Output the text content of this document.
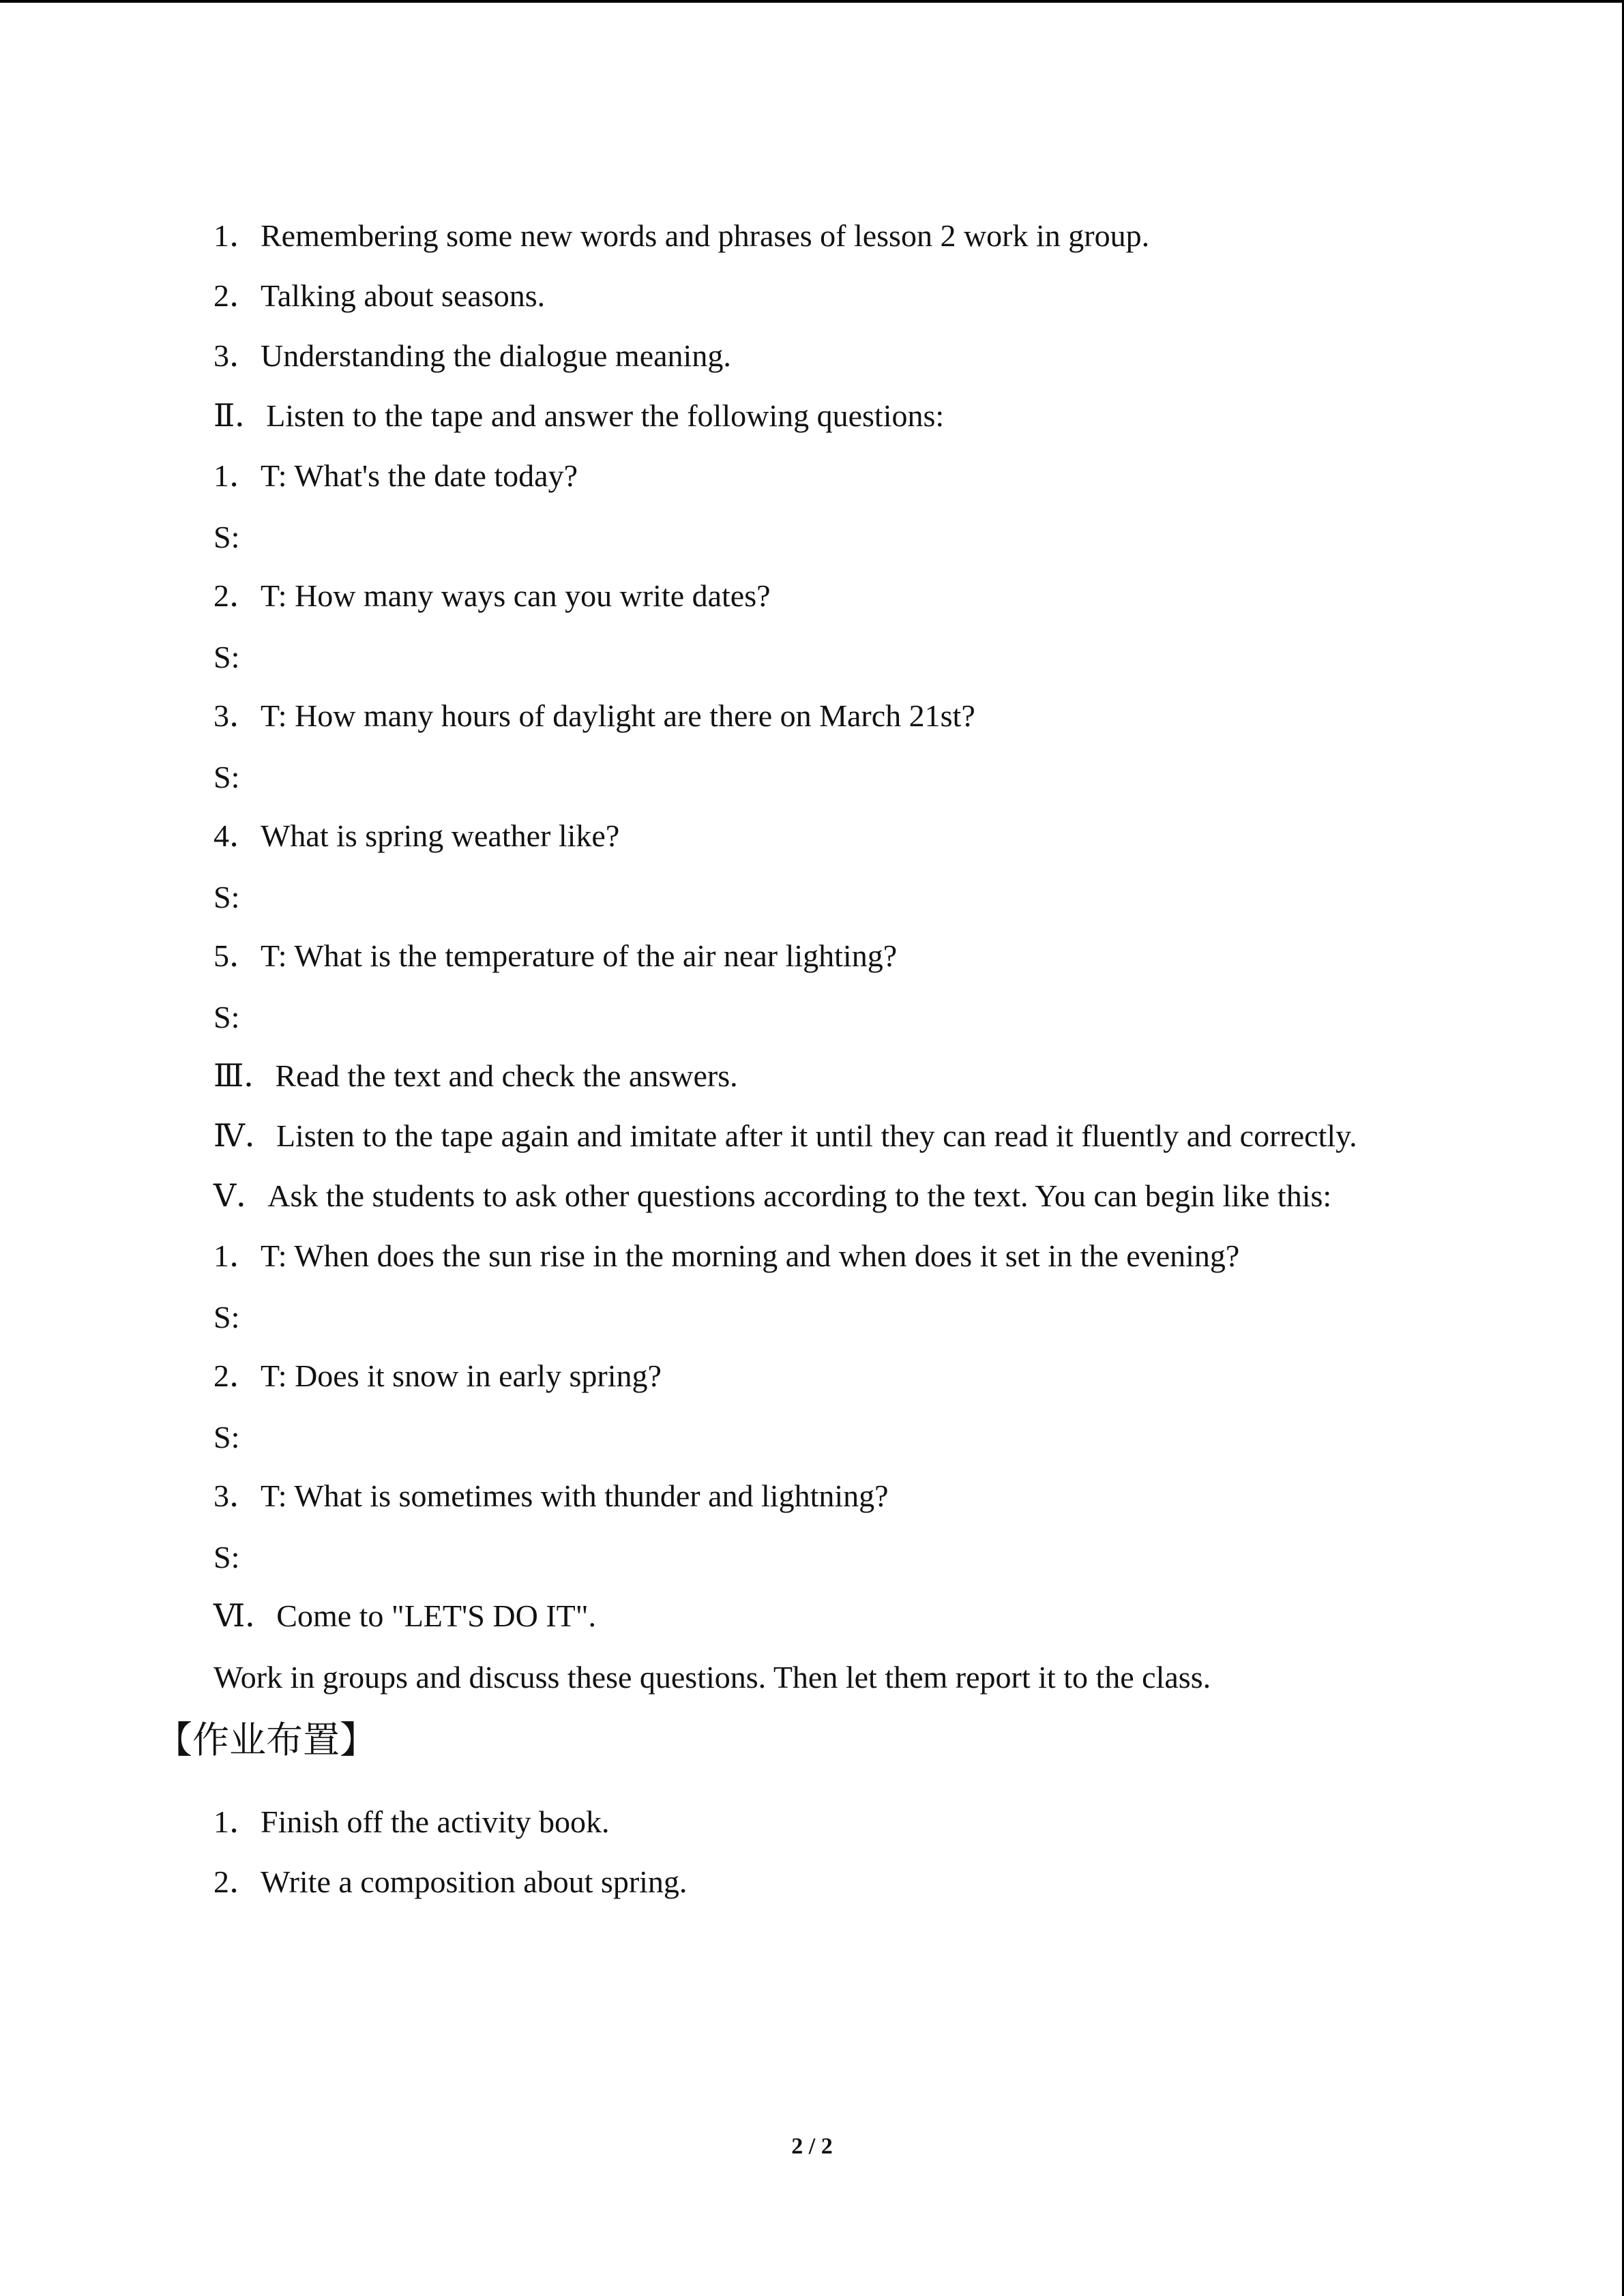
1．Remembering some new words and phrases of lesson 2 work in group.
2．Talking about seasons.
3．Understanding the dialogue meaning.
Ⅱ．Listen to the tape and answer the following questions:
1．T: What's the date today?
S:
2．T: How many ways can you write dates?
S:
3．T: How many hours of daylight are there on March 21st?
S:
4．What is spring weather like?
S:
5．T: What is the temperature of the air near lighting?
S:
Ⅲ．Read the text and check the answers.
Ⅳ．Listen to the tape again and imitate after it until they can read it fluently and correctly.
Ⅴ．Ask the students to ask other questions according to the text. You can begin like this:
1．T: When does the sun rise in the morning and when does it set in the evening?
S:
2．T: Does it snow in early spring?
S:
3．T: What is sometimes with thunder and lightning?
S:
Ⅵ．Come to "LET'S DO IT".
Work in groups and discuss these questions. Then let them report it to the class.
【作业布置】
1．Finish off the activity book.
2．Write a composition about spring.
2 / 2
